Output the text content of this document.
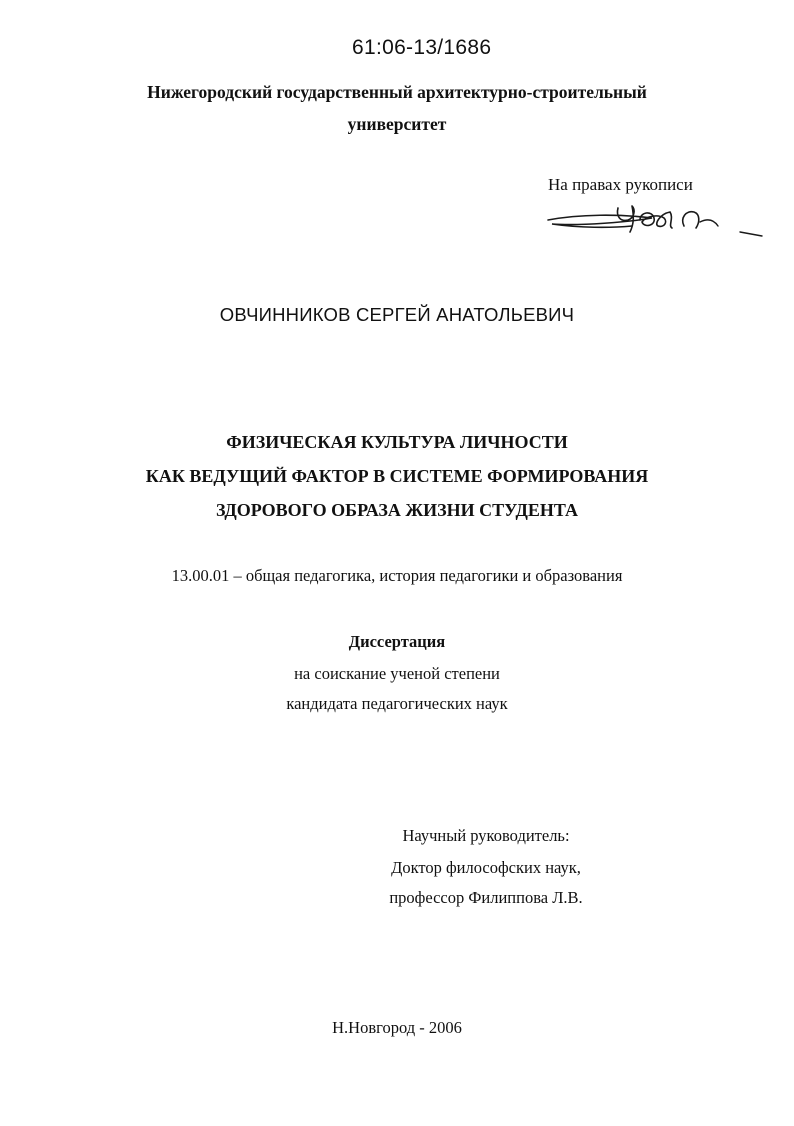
61:06-13/1686
Нижегородский государственный архитектурно-строительный
университет
На правах рукописи
ОВЧИННИКОВ СЕРГЕЙ АНАТОЛЬЕВИЧ
ФИЗИЧЕСКАЯ КУЛЬТУРА ЛИЧНОСТИ
КАК ВЕДУЩИЙ ФАКТОР В СИСТЕМЕ ФОРМИРОВАНИЯ
ЗДОРОВОГО ОБРАЗА ЖИЗНИ СТУДЕНТА
13.00.01 – общая педагогика, история педагогики и образования
Диссертация
на соискание ученой степени
кандидата педагогических наук
Научный руководитель:
Доктор философских наук,
профессор Филиппова Л.В.
Н.Новгород - 2006
